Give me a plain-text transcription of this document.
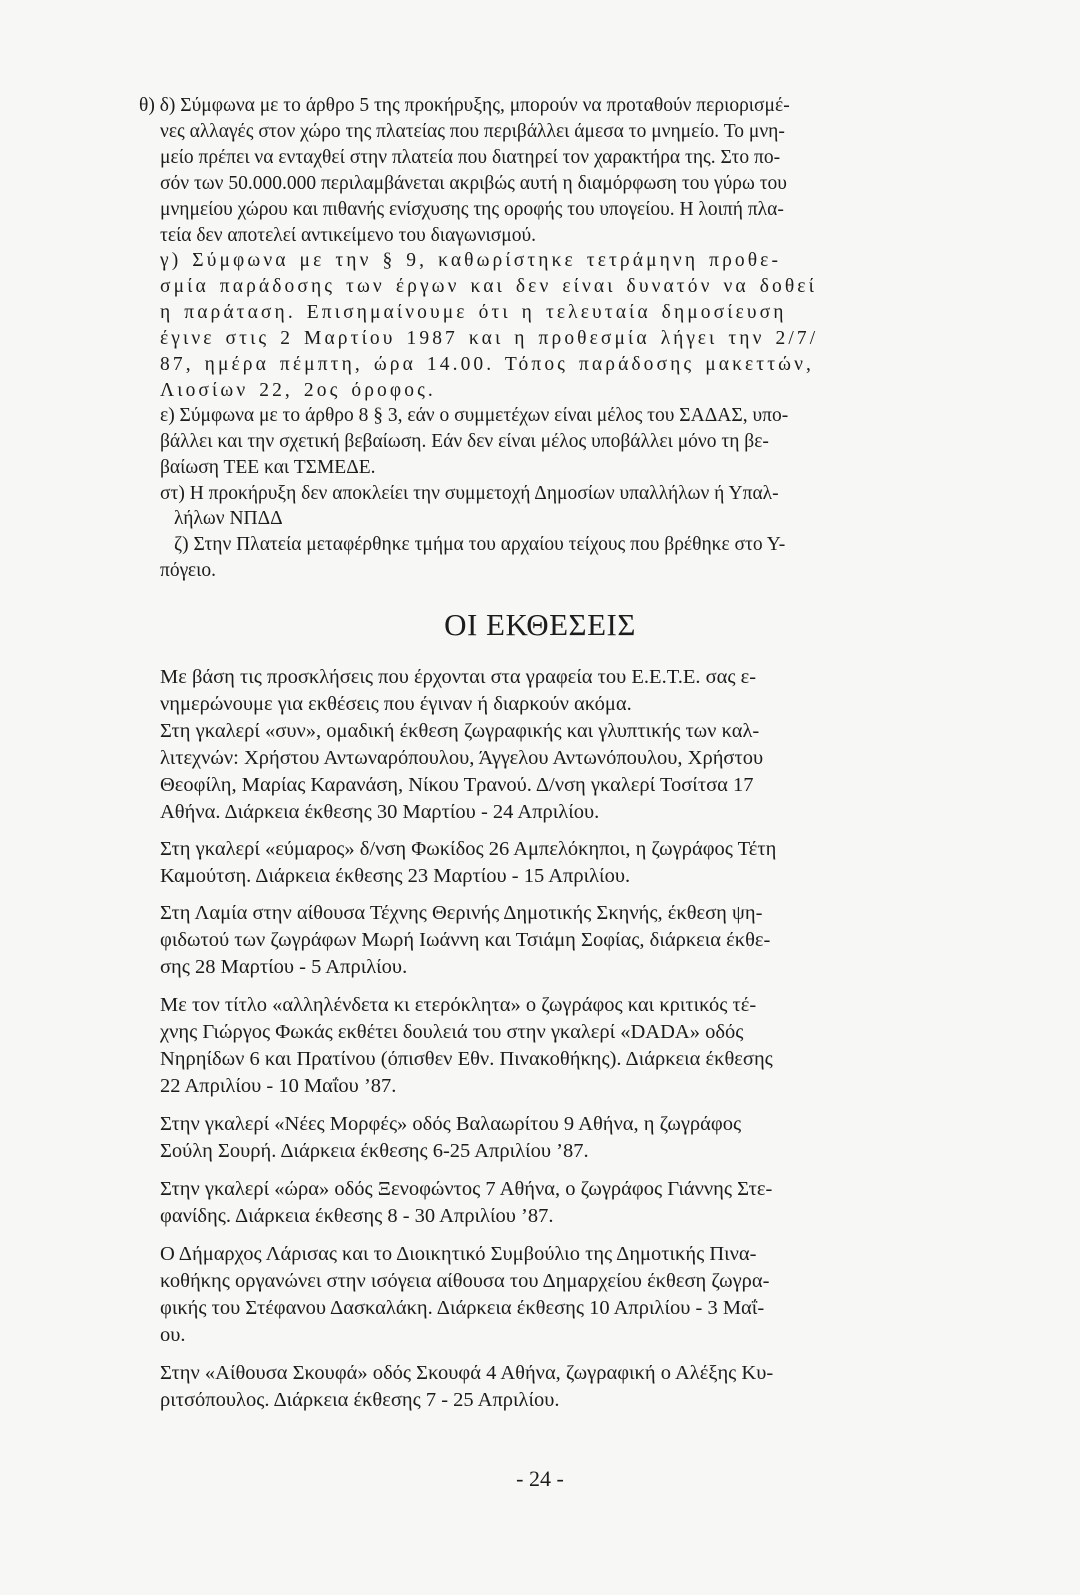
θ) δ) Σύμφωνα με το άρθρο 5 της προκήρυξης, μπορούν να προταθούν περιορισμέ-
νες αλλαγές στον χώρο της πλατείας που περιβάλλει άμεσα το μνημείο. Το μνη-
μείο πρέπει να ενταχθεί στην πλατεία που διατηρεί τον χαρακτήρα της. Στο πο-
σόν των 50.000.000 περιλαμβάνεται ακριβώς αυτή η διαμόρφωση του γύρω του
μνημείου χώρου και πιθανής ενίσχυσης της οροφής του υπογείου. Η λοιπή πλα-
τεία δεν αποτελεί αντικείμενο του διαγωνισμού.
γ) Σύμφωνα με την § 9, καθωρίστηκε τετράμηνη προθε-
σμία παράδοσης των έργων και δεν είναι δυνατόν να δοθεί
η παράταση. Επισημαίνουμε ότι η τελευταία δημοσίευση
έγινε στις 2 Μαρτίου 1987 και η προθεσμία λήγει την 2/7/
87, ημέρα πέμπτη, ώρα 14.00. Τόπος παράδοσης μακεττών,
Λιοσίων 22, 2ος όροφος.
ε) Σύμφωνα με το άρθρο 8 § 3, εάν ο συμμετέχων είναι μέλος του ΣΑΔΑΣ, υπο-
βάλλει και την σχετική βεβαίωση. Εάν δεν είναι μέλος υποβάλλει μόνο τη βε-
βαίωση ΤΕΕ και ΤΣΜΕΔΕ.
στ) Η προκήρυξη δεν αποκλείει την συμμετοχή Δημοσίων υπαλλήλων ή Υπαλ-
λήλων ΝΠΔΔ
ζ) Στην Πλατεία μεταφέρθηκε τμήμα του αρχαίου τείχους που βρέθηκε στο Υ-
πόγειο.
ΟΙ ΕΚΘΕΣΕΙΣ
Με βάση τις προσκλήσεις που έρχονται στα γραφεία του Ε.Ε.Τ.Ε. σας ε-
νημερώνουμε για εκθέσεις που έγιναν ή διαρκούν ακόμα.
Στη γκαλερί «συν», ομαδική έκθεση ζωγραφικής και γλυπτικής των καλ-
λιτεχνών: Χρήστου Αντωναρόπουλου, Άγγελου Αντωνόπουλου, Χρήστου
Θεοφίλη, Μαρίας Καρανάση, Νίκου Τρανού. Δ/νση γκαλερί Τοσίτσα 17
Αθήνα. Διάρκεια έκθεσης 30 Μαρτίου - 24 Απριλίου.
Στη γκαλερί «εύμαρος» δ/νση Φωκίδος 26 Αμπελόκηποι, η ζωγράφος Τέτη
Καμούτση. Διάρκεια έκθεσης 23 Μαρτίου - 15 Απριλίου.
Στη Λαμία στην αίθουσα Τέχνης Θερινής Δημοτικής Σκηνής, έκθεση ψη-
φιδωτού των ζωγράφων Μωρή Ιωάννη και Τσιάμη Σοφίας, διάρκεια έκθε-
σης 28 Μαρτίου - 5 Απριλίου.
Με τον τίτλο «αλληλένδετα κι ετερόκλητα» ο ζωγράφος και κριτικός τέ-
χνης Γιώργος Φωκάς εκθέτει δουλειά του στην γκαλερί «DADA» οδός
Νηρηίδων 6 και Πρατίνου (όπισθεν Εθν. Πινακοθήκης). Διάρκεια έκθεσης
22 Απριλίου - 10 Μαΐου ’87.
Στην γκαλερί «Νέες Μορφές» οδός Βαλαωρίτου 9 Αθήνα, η ζωγράφος
Σούλη Σουρή. Διάρκεια έκθεσης 6-25 Απριλίου ’87.
Στην γκαλερί «ώρα» οδός Ξενοφώντος 7 Αθήνα, ο ζωγράφος Γιάννης Στε-
φανίδης. Διάρκεια έκθεσης 8 - 30 Απριλίου ’87.
Ο Δήμαρχος Λάρισας και το Διοικητικό Συμβούλιο της Δημοτικής Πινα-
κοθήκης οργανώνει στην ισόγεια αίθουσα του Δημαρχείου έκθεση ζωγρα-
φικής του Στέφανου Δασκαλάκη. Διάρκεια έκθεσης 10 Απριλίου - 3 Μαΐ-
ου.
Στην «Αίθουσα Σκουφά» οδός Σκουφά 4 Αθήνα, ζωγραφική ο Αλέξης Κυ-
ριτσόπουλος. Διάρκεια έκθεσης 7 - 25 Απριλίου.
- 24 -
